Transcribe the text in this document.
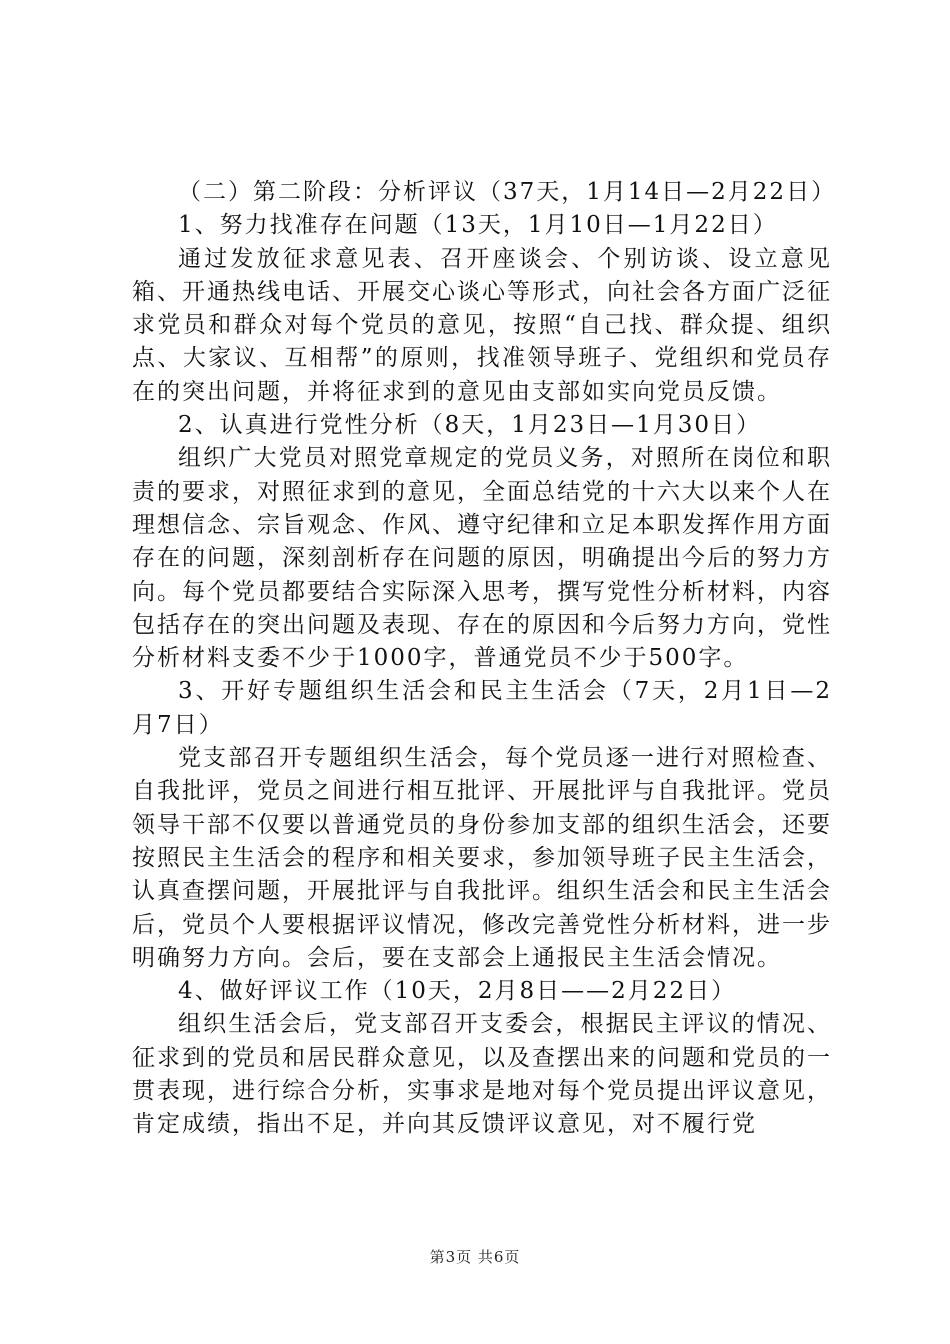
（二）第二阶段：分析评议（37天，1月14日—2月22日）

1、努力找准存在问题（13天，1月10日—1月22日）

通过发放征求意见表、召开座谈会、个别访谈、设立意见箱、开通热线电话、开展交心谈心等形式，向社会各方面广泛征求党员和群众对每个党员的意见，按照“自己找、群众提、组织点、大家议、互相帮”的原则，找准领导班子、党组织和党员存在的突出问题，并将征求到的意见由支部如实向党员反馈。

2、认真进行党性分析（8天，1月23日—1月30日）

组织广大党员对照党章规定的党员义务，对照所在岗位和职责的要求，对照征求到的意见，全面总结党的十六大以来个人在理想信念、宗旨观念、作风、遵守纪律和立足本职发挥作用方面存在的问题，深刻剖析存在问题的原因，明确提出今后的努力方向。每个党员都要结合实际深入思考，撰写党性分析材料，内容包括存在的突出问题及表现、存在的原因和今后努力方向，党性分析材料支委不少于1000字，普通党员不少于500字。

3、开好专题组织生活会和民主生活会（7天，2月1日—2月7日）

党支部召开专题组织生活会，每个党员逐一进行对照检查、自我批评，党员之间进行相互批评、开展批评与自我批评。党员领导干部不仅要以普通党员的身份参加支部的组织生活会，还要按照民主生活会的程序和相关要求，参加领导班子民主生活会，认真查摆问题，开展批评与自我批评。组织生活会和民主生活会后，党员个人要根据评议情况，修改完善党性分析材料，进一步明确努力方向。会后，要在支部会上通报民主生活会情况。

4、做好评议工作（10天，2月8日——2月22日）

组织生活会后，党支部召开支委会，根据民主评议的情况、征求到的党员和居民群众意见，以及查摆出来的问题和党员的一贯表现，进行综合分析，实事求是地对每个党员提出评议意见，肯定成绩，指出不足，并向其反馈评议意见，对不履行党

第3页 共6页
